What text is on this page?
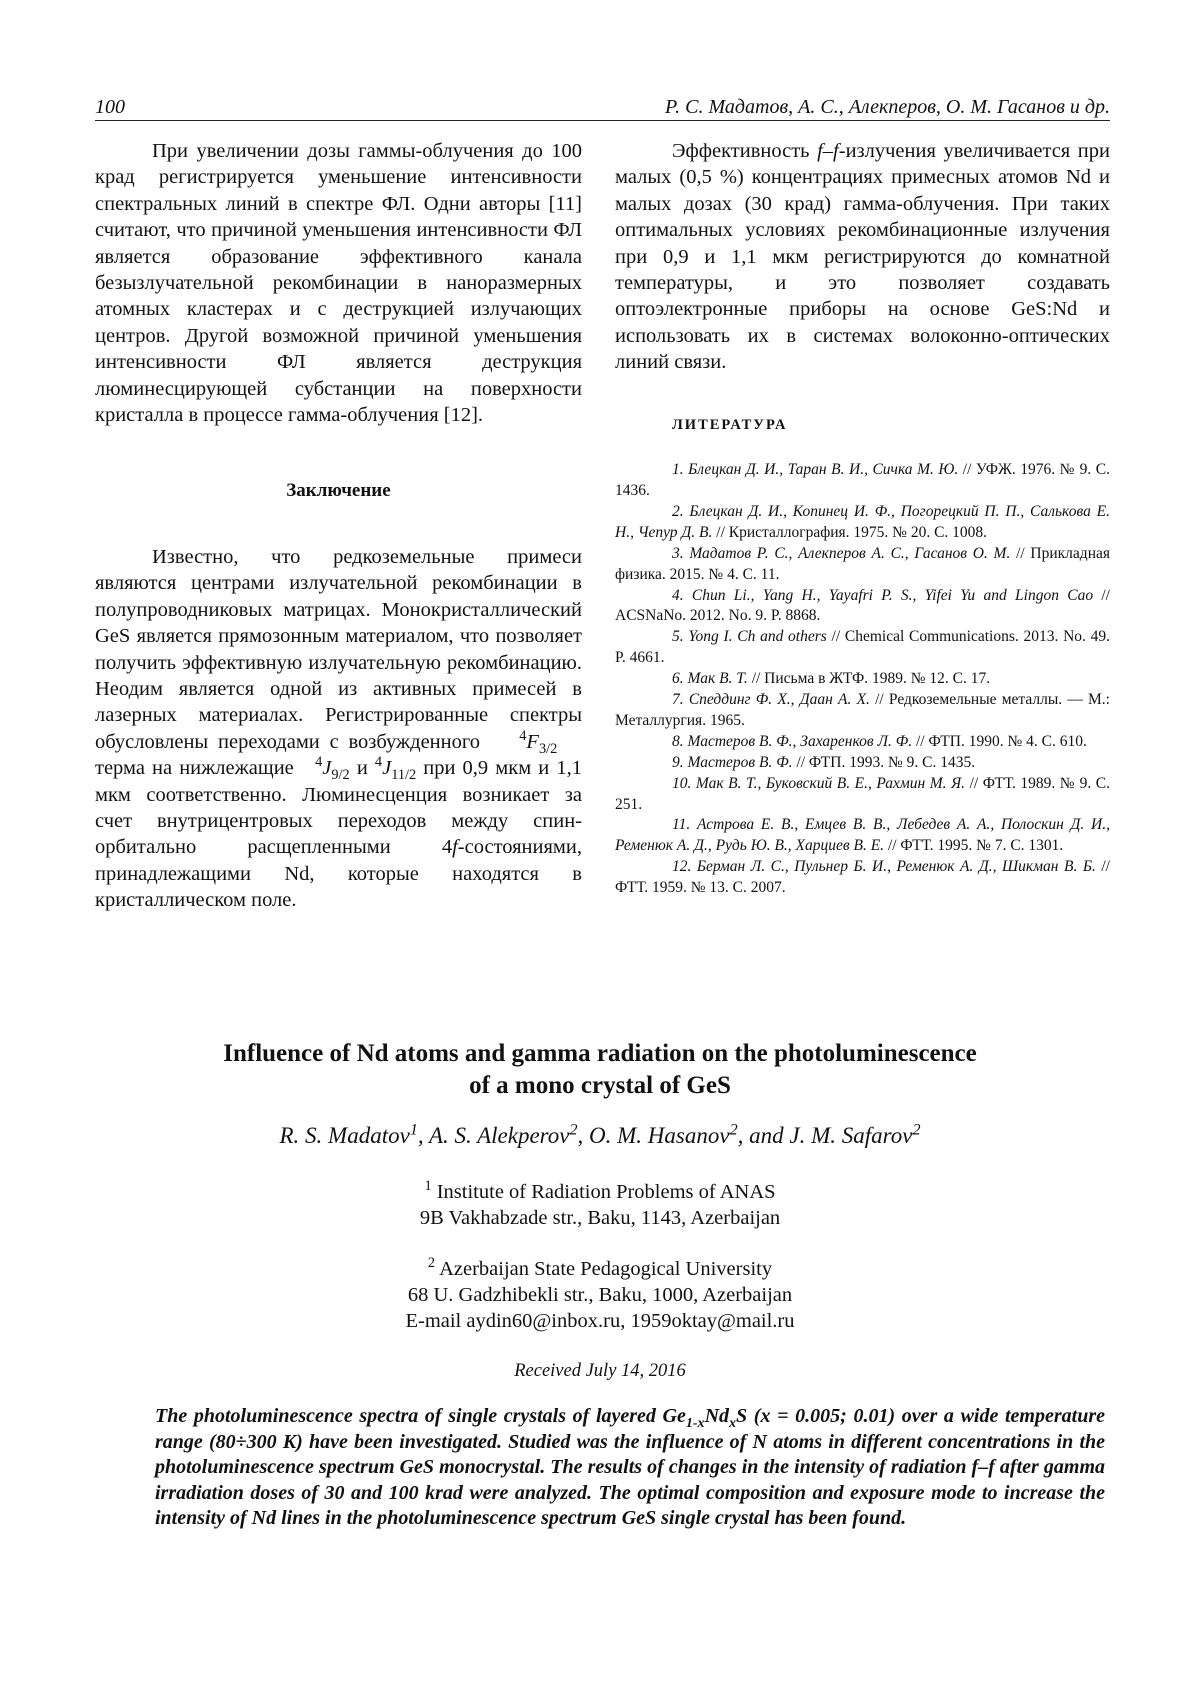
100	Р. С. Мадатов, А. С., Алекперов, О. М. Гасанов и др.

При увеличении дозы гаммы-облучения до 100 крад регистрируется уменьшение интенсивности спектральных линий в спектре ФЛ. Одни авторы [11] считают, что причиной уменьшения интенсивности ФЛ является образование эффективного канала безызлучательной рекомбинации в наноразмерных атомных кластерах и с деструкцией излучающих центров. Другой возможной причиной уменьшения интенсивности ФЛ является деструкция люминесцирующей субстанции на поверхности кристалла в процессе гамма-облучения [12].

Заключение

Известно, что редкоземельные примеси являются центрами излучательной рекомбинации в полупроводниковых матрицах. Монокристаллический GeS является прямозонным материалом, что позволяет получить эффективную излучательную рекомбинацию. Неодим является одной из активных примесей в лазерных материалах. Регистрированные спектры обусловлены переходами с возбужденного	$^4F_{3/2}$    терма на нижлежащие $^4J_{9/2}$ и $^4J_{11/2}$ при 0,9 мкм и 1,1 мкм соответственно. Люминесценция возникает за счет внутрицентровых переходов между спин-орбитально расщепленными 4f-состояниями, принадлежащими Nd, которые находятся в кристаллическом поле.

Эффективность f–f-излучения увеличивается при малых (0,5 %) концентрациях примесных атомов Nd и малых дозах (30 крад) гамма-облучения. При таких оптимальных условиях рекомбинационные излучения при 0,9 и 1,1 мкм регистрируются до комнатной температуры, и это позволяет создавать оптоэлектронные приборы на основе GeS:Nd и использовать их в системах волоконно-оптических линий связи.

ЛИТЕРАТУРА
1. Блецкан Д. И., Таран В. И., Сичка М. Ю. // УФЖ. 1976. № 9. С. 1436.
2. Блецкан Д. И., Копинец И. Ф., Погорецкий П. П., Салькова Е. Н., Чепур Д. В. // Кристаллография. 1975. № 20. С. 1008.
3. Мадатов Р. С., Алекперов А. С., Гасанов О. М. // Прикладная физика. 2015. № 4. С. 11.
4. Chun Li., Yang H., Yayafri P. S., Yifei Yu and Lingon Cao // ACSNaNo. 2012. No. 9. P. 8868.
5. Yong I. Ch and others // Chemical Communications. 2013. No. 49. P. 4661.
6. Мак В. Т. // Письма в ЖТФ. 1989. № 12. С. 17.
7. Спеддинг Ф. Х., Даан А. Х. // Редкоземельные металлы. — М.: Металлургия. 1965.
8. Мастеров В. Ф., Захаренков Л. Ф. // ФТП. 1990. № 4. С. 610.
9. Мастеров В. Ф. // ФТП. 1993. № 9. С. 1435.
10. Мак В. Т., Буковский В. Е., Рахмин М. Я. // ФТТ. 1989. № 9. С. 251.
11. Астрова Е. В., Емцев В. В., Лебедев А. А., Полоскин Д. И., Ременюк А. Д., Рудь Ю. В., Харциев В. Е. // ФТТ. 1995. № 7. С. 1301.
12. Берман Л. С., Пульнер Б. И., Ременюк А. Д., Шикман В. Б. // ФТТ. 1959. № 13. С. 2007.
Influence of Nd atoms and gamma radiation on the photoluminescence
of a mono crystal of GeS
R. S. Madatov$^1$, A. S. Alekperov$^2$, O. M. Hasanov$^2$, and J. M. Safarov$^2$
$^1$ Institute of Radiation Problems of ANAS
9B Vakhabzade str., Baku, 1143, Azerbaijan
$^2$ Azerbaijan State Pedagogical University
68 U. Gadzhibekli str., Baku, 1000, Azerbaijan
E-mail aydin60@inbox.ru, 1959oktay@mail.ru
Received July 14, 2016
The photoluminescence spectra of single crystals of layered $Ge_{1-x}Nd_xS$ (x = 0.005; 0.01) over a wide temperature range (80÷300 K) have been investigated. Studied was the influence of N atoms in different concentrations in the photoluminescence spectrum GeS monocrystal. The results of changes in the intensity of radiation f–f after gamma irradiation doses of 30 and 100 krad were analyzed. The optimal composition and exposure mode to increase the intensity of Nd lines in the photoluminescence spectrum GeS single crystal has been found.
